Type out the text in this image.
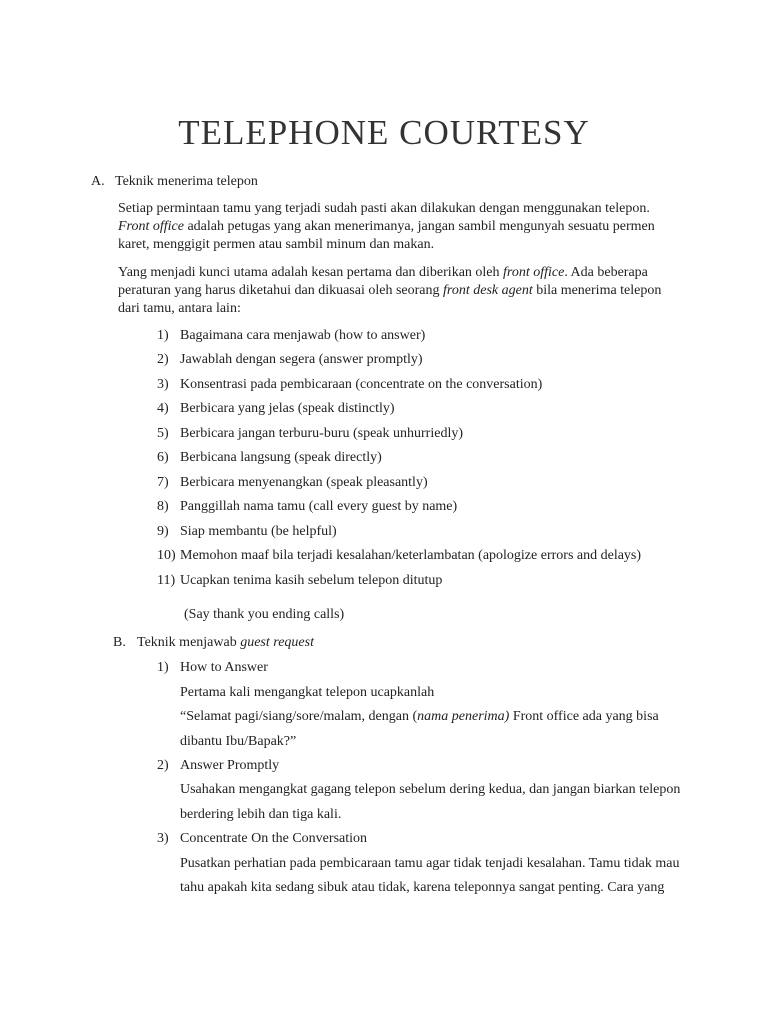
TELEPHONE COURTESY
A. Teknik menerima telepon
Setiap permintaan tamu yang terjadi sudah pasti akan dilakukan dengan menggunakan telepon.
Front office adalah petugas yang akan menerimanya, jangan sambil mengunyah sesuatu permen
karet, menggigit permen atau sambil minum dan makan.
Yang menjadi kunci utama adalah kesan pertama dan diberikan oleh front office. Ada beberapa
peraturan yang harus diketahui dan dikuasai oleh seorang front desk agent bila menerima telepon
dari tamu, antara lain:
1) Bagaimana cara menjawab (how to answer)
2) Jawablah dengan segera (answer promptly)
3) Konsentrasi pada pembicaraan (concentrate on the conversation)
4) Berbicara yang jelas (speak distinctly)
5) Berbicara jangan terburu-buru (speak unhurriedly)
6) Berbicana langsung (speak directly)
7) Berbicara menyenangkan (speak pleasantly)
8) Panggillah nama tamu (call every guest by name)
9) Siap membantu (be helpful)
10) Memohon maaf bila terjadi kesalahan/keterlambatan (apologize errors and delays)
11) Ucapkan tenima kasih sebelum telepon ditutup
(Say thank you ending calls)
B. Teknik menjawab guest request
1) How to Answer
Pertama kali mengangkat telepon ucapkanlah
“Selamat pagi/siang/sore/malam, dengan (nama penerima) Front office ada yang bisa
dibantu Ibu/Bapak?”
2) Answer Promptly
Usahakan mengangkat gagang telepon sebelum dering kedua, dan jangan biarkan telepon
berdering lebih dan tiga kali.
3) Concentrate On the Conversation
Pusatkan perhatian pada pembicaraan tamu agar tidak tenjadi kesalahan. Tamu tidak mau
tahu apakah kita sedang sibuk atau tidak, karena teleponnya sangat penting. Cara yang
